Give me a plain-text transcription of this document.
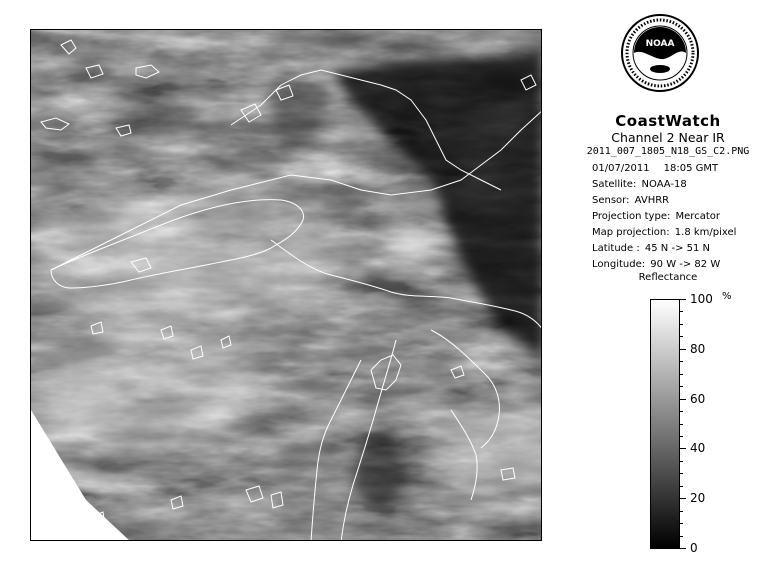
NOAA
CoastWatch
Channel 2 Near IR
2011_007_1805_N18_GS_C2.PNG
01/07/2011 18:05 GMT
Satellite: NOAA-18
Sensor: AVHRR
Projection type: Mercator
Map projection: 1.8 km/pixel
Latitude : 45 N -> 51 N
Longitude: 90 W -> 82 W
Reflectance
%
100
80
60
40
20
0
